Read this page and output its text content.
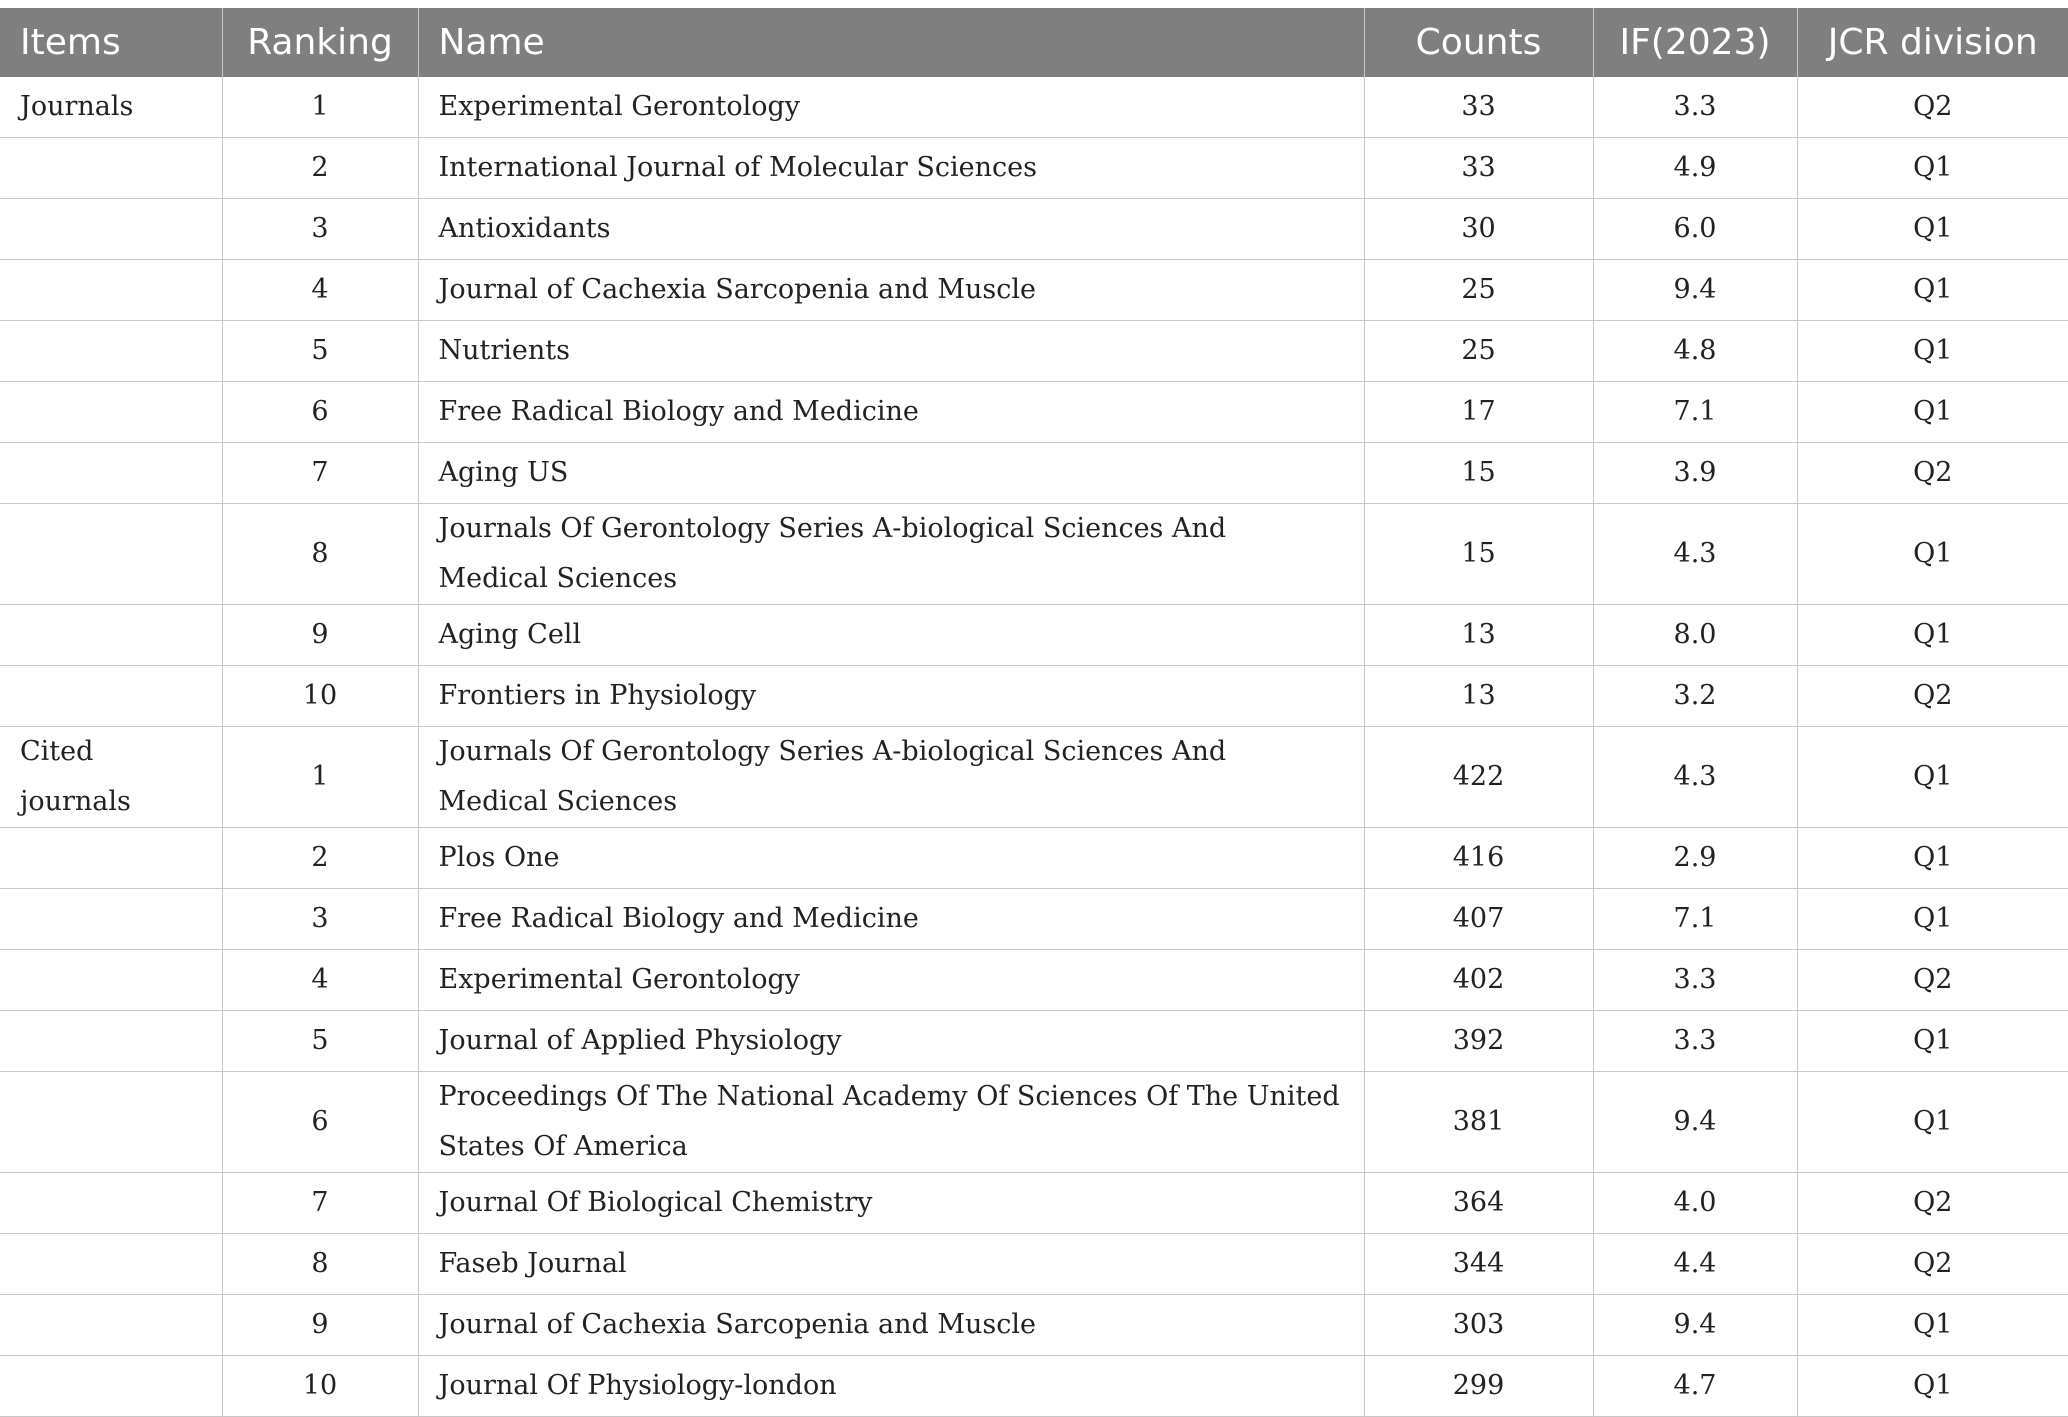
Items	Ranking	Name	Counts	IF(2023)	JCR division
Journals	1	Experimental Gerontology	33	3.3	Q2
	2	International Journal of Molecular Sciences	33	4.9	Q1
	3	Antioxidants	30	6.0	Q1
	4	Journal of Cachexia Sarcopenia and Muscle	25	9.4	Q1
	5	Nutrients	25	4.8	Q1
	6	Free Radical Biology and Medicine	17	7.1	Q1
	7	Aging US	15	3.9	Q2
	8	Journals Of Gerontology Series A-biological Sciences And Medical Sciences	15	4.3	Q1
	9	Aging Cell	13	8.0	Q1
	10	Frontiers in Physiology	13	3.2	Q2
Cited journals	1	Journals Of Gerontology Series A-biological Sciences And Medical Sciences	422	4.3	Q1
	2	Plos One	416	2.9	Q1
	3	Free Radical Biology and Medicine	407	7.1	Q1
	4	Experimental Gerontology	402	3.3	Q2
	5	Journal of Applied Physiology	392	3.3	Q1
	6	Proceedings Of The National Academy Of Sciences Of The United States Of America	381	9.4	Q1
	7	Journal Of Biological Chemistry	364	4.0	Q2
	8	Faseb Journal	344	4.4	Q2
	9	Journal of Cachexia Sarcopenia and Muscle	303	9.4	Q1
	10	Journal Of Physiology-london	299	4.7	Q1
